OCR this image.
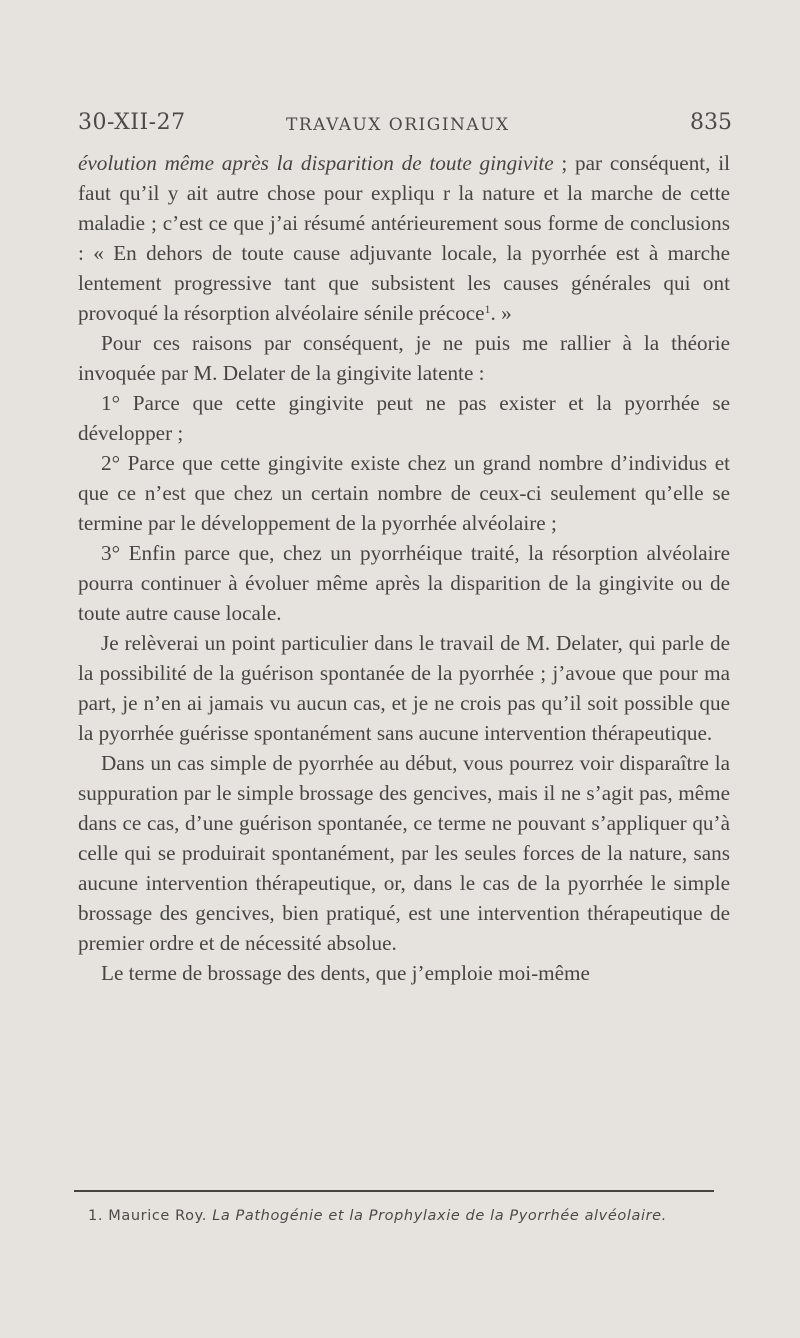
30-XII-27	TRAVAUX ORIGINAUX	835

évolution même après la disparition de toute gingivite ; par conséquent, il faut qu’il y ait autre chose pour expliqu r la nature et la marche de cette maladie ; c’est ce que j’ai résumé antérieurement sous forme de conclusions : « En dehors de toute cause adjuvante locale, la pyorrhée est à marche lentement progressive tant que subsistent les causes générales qui ont provoqué la résorption alvéolaire sénile précoce$^1$. »

Pour ces raisons par conséquent, je ne puis me rallier à la théorie invoquée par M. Delater de la gingivite latente :

1° Parce que cette gingivite peut ne pas exister et la pyorrhée se développer ;

2° Parce que cette gingivite existe chez un grand nombre d’individus et que ce n’est que chez un certain nombre de ceux-ci seulement qu’elle se termine par le développement de la pyorrhée alvéolaire ;

3° Enfin parce que, chez un pyorrhéique traité, la résorption alvéolaire pourra continuer à évoluer même après la disparition de la gingivite ou de toute autre cause locale.

Je relèverai un point particulier dans le travail de M. Delater, qui parle de la possibilité de la guérison spontanée de la pyorrhée ; j’avoue que pour ma part, je n’en ai jamais vu aucun cas, et je ne crois pas qu’il soit possible que la pyorrhée guérisse spontanément sans aucune intervention thérapeutique.

Dans un cas simple de pyorrhée au début, vous pourrez voir disparaître la suppuration par le simple brossage des gencives, mais il ne s’agit pas, même dans ce cas, d’une guérison spontanée, ce terme ne pouvant s’appliquer qu’à celle qui se produirait spontanément, par les seules forces de la nature, sans aucune intervention thérapeutique, or, dans le cas de la pyorrhée le simple brossage des gencives, bien pratiqué, est une intervention thérapeutique de premier ordre et de nécessité absolue.

Le terme de brossage des dents, que j’emploie moi-même

1. Maurice Roy. La Pathogénie et la Prophylaxie de la Pyorrhée alvéolaire.
